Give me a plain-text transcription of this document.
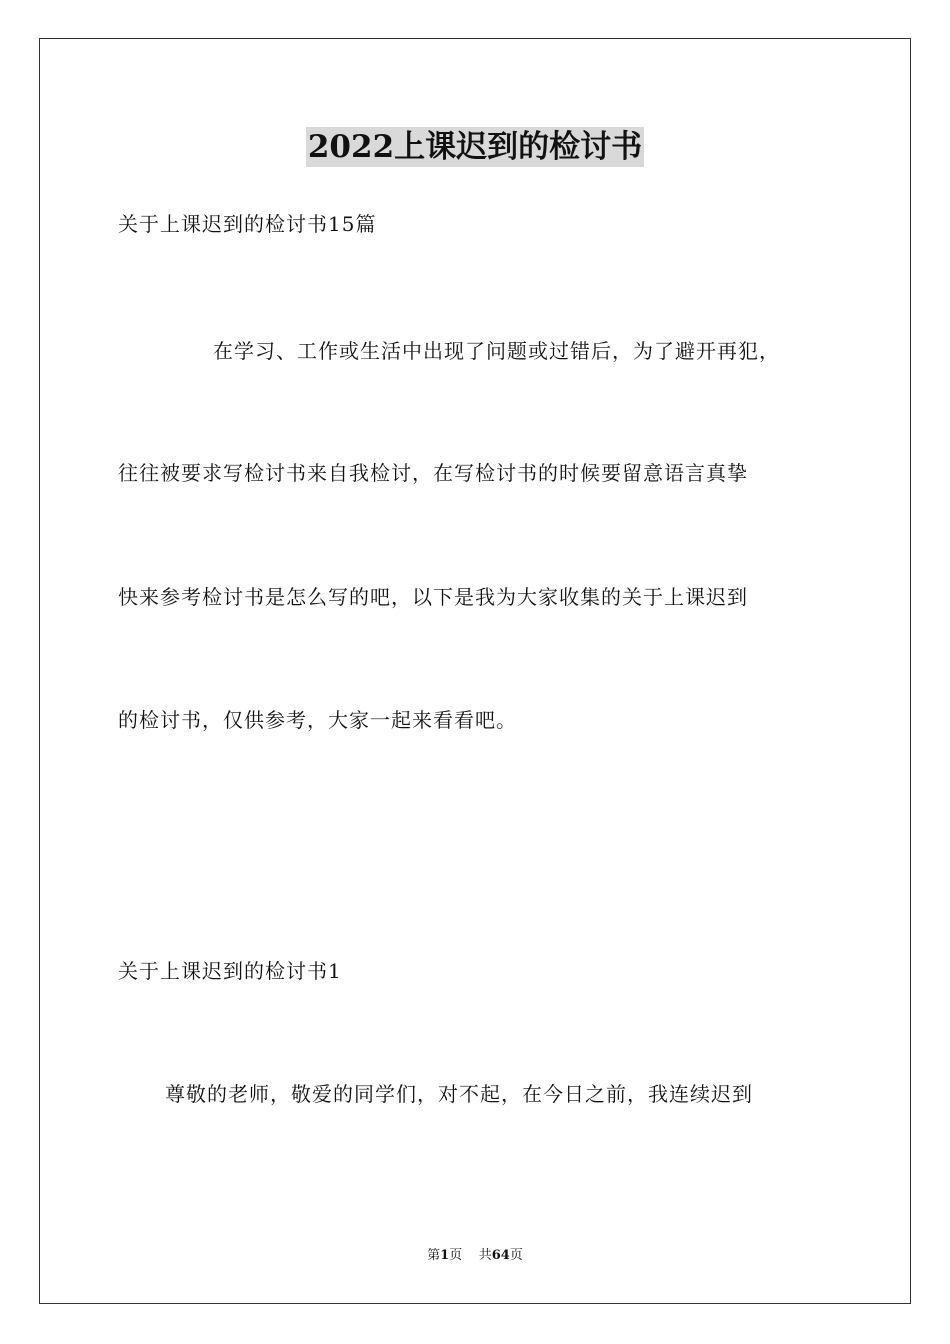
2022上课迟到的检讨书
关于上课迟到的检讨书15篇
在学习、工作或生活中出现了问题或过错后，为了避开再犯，
往往被要求写检讨书来自我检讨，在写检讨书的时候要留意语言真挚
快来参考检讨书是怎么写的吧，以下是我为大家收集的关于上课迟到
的检讨书，仅供参考，大家一起来看看吧。
关于上课迟到的检讨书1
尊敬的老师，敬爱的同学们，对不起，在今日之前，我连续迟到
第1页 共64页
